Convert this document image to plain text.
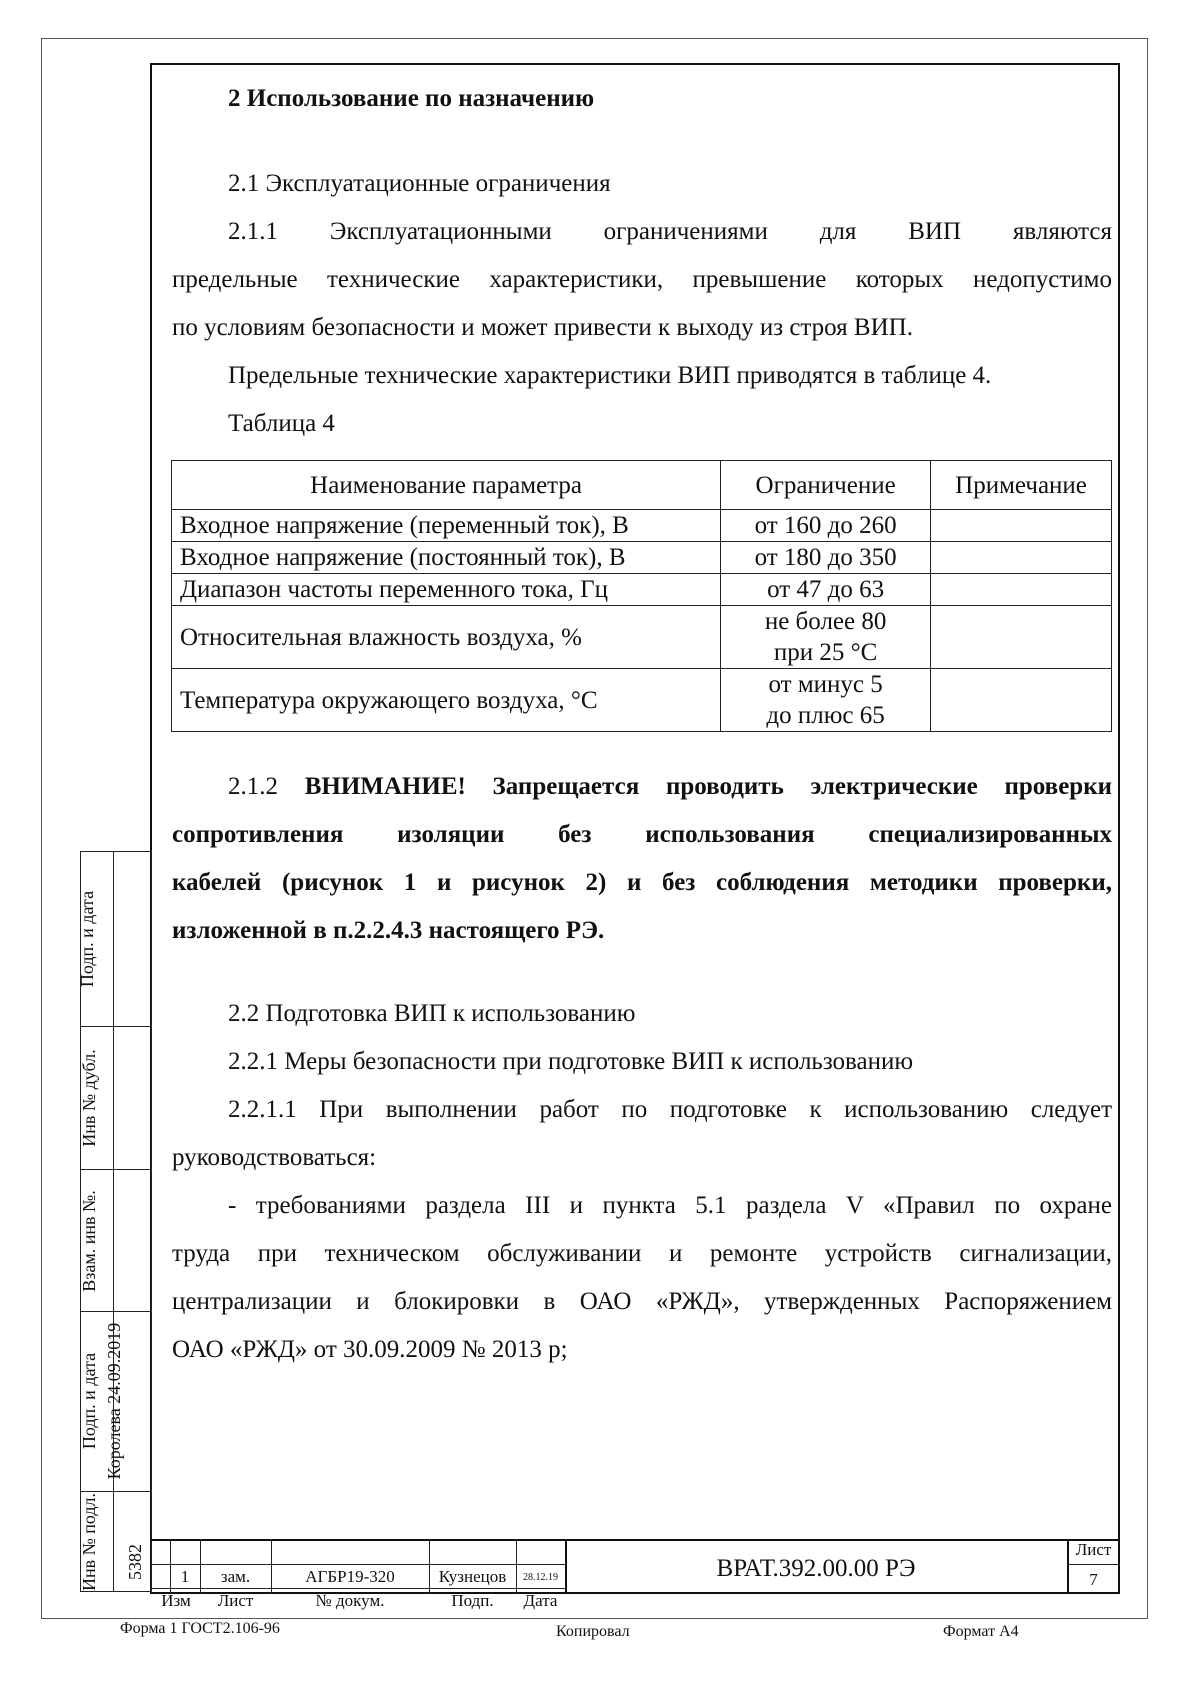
2 Использование по назначению
2.1 Эксплуатационные ограничения
2.1.1 Эксплуатационными ограничениями для ВИП являются
предельные технические характеристики, превышение которых недопустимо
по условиям безопасности и может привести к выходу из строя ВИП.
Предельные технические характеристики ВИП приводятся в таблице 4.
Таблица 4
Наименование параметра	Ограничение	Примечание
Входное напряжение (переменный ток), В	от 160 до 260	
Входное напряжение (постоянный ток), В	от 180 до 350	
Диапазон частоты переменного тока, Гц	от 47 до 63	
Относительная влажность воздуха, %	не более 80
при 25 °С	

Температура окружающего воздуха, °С	от минус 5
до плюс 65	

2.1.2 ВНИМАНИЕ! Запрещается проводить электрические проверки
сопротивления изоляции без использования специализированных
кабелей (рисунок 1 и рисунок 2) и без соблюдения методики проверки,
изложенной в п.2.2.4.3 настоящего РЭ.
2.2 Подготовка ВИП к использованию
2.2.1 Меры безопасности при подготовке ВИП к использованию
2.2.1.1 При выполнении работ по подготовке к использованию следует
руководствоваться:
- требованиями раздела III и пункта 5.1 раздела V «Правил по охране
труда при техническом обслуживании и ремонте устройств сигнализации,
централизации и блокировки в ОАО «РЖД», утвержденных Распоряжением
ОАО «РЖД» от 30.09.2009 № 2013 р;
Подп. и дата
Инв № дубл.
Взам. инв №.
Подп. и дата Королева 24.09.2019
Инв № подл. 5382	1	зам.	АГБР19-320	Кузнецов	28.12.19
Изм	Лист	№ докум.	Подп.	Дата
ВРАТ.392.00.00 РЭ
Лист
7
Форма 1 ГОСТ2.106-96	Копировал	Формат А4
